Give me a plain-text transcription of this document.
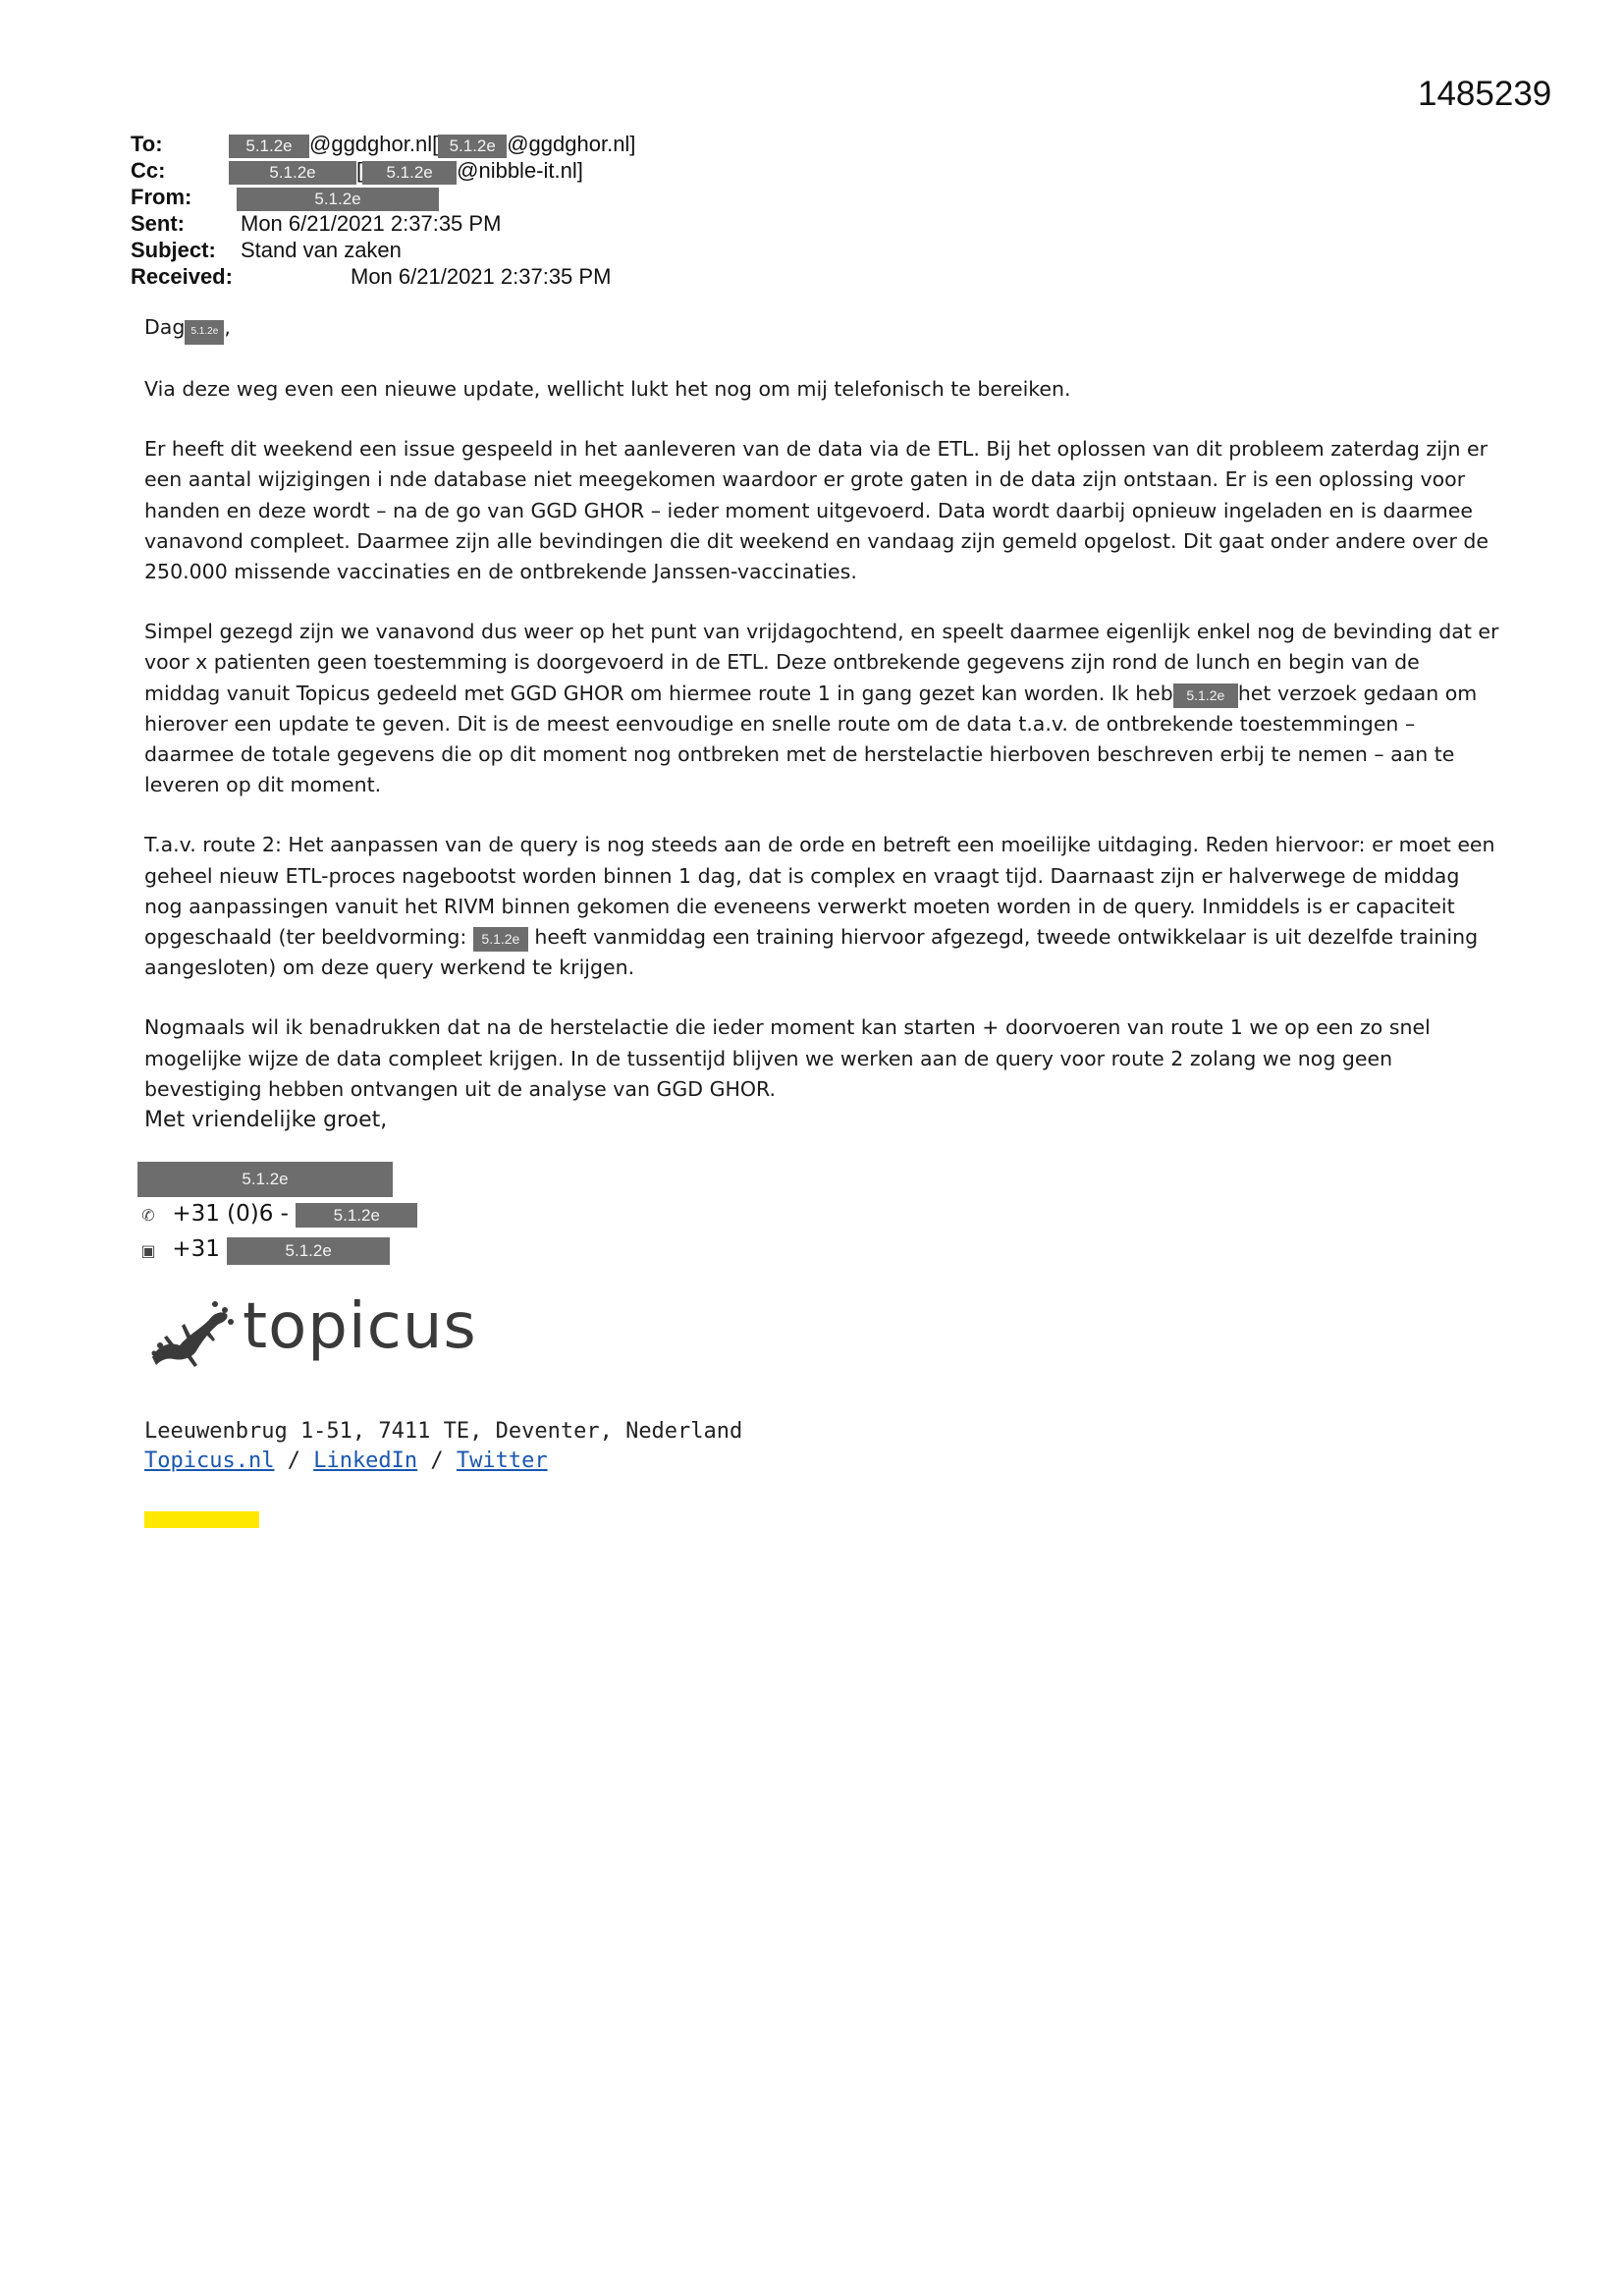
1485239
To:	5.1.2e @ggdghor.nl[ 5.1.2e @ggdghor.nl]
Cc:	5.1.2e [ 5.1.2e @nibble-it.nl]
From:	5.1.2e
Sent:	Mon 6/21/2021 2:37:35 PM
Subject: Stand van zaken
Received:	Mon 6/21/2021 2:37:35 PM

Dag 5.1.2e ,

Via deze weg even een nieuwe update, wellicht lukt het nog om mij telefonisch te bereiken.

Er heeft dit weekend een issue gespeeld in het aanleveren van de data via de ETL. Bij het oplossen van dit probleem zaterdag zijn er een aantal wijzigingen i nde database niet meegekomen waardoor er grote gaten in de data zijn ontstaan. Er is een oplossing voor handen en deze wordt – na de go van GGD GHOR – ieder moment uitgevoerd. Data wordt daarbij opnieuw ingeladen en is daarmee vanavond compleet. Daarmee zijn alle bevindingen die dit weekend en vandaag zijn gemeld opgelost. Dit gaat onder andere over de 250.000 missende vaccinaties en de ontbrekende Janssen-vaccinaties.

Simpel gezegd zijn we vanavond dus weer op het punt van vrijdagochtend, en speelt daarmee eigenlijk enkel nog de bevinding dat er voor x patienten geen toestemming is doorgevoerd in de ETL. Deze ontbrekende gegevens zijn rond de lunch en begin van de middag vanuit Topicus gedeeld met GGD GHOR om hiermee route 1 in gang gezet kan worden. Ik heb 5.1.2e het verzoek gedaan om hierover een update te geven. Dit is de meest eenvoudige en snelle route om de data t.a.v. de ontbrekende toestemmingen – daarmee de totale gegevens die op dit moment nog ontbreken met de herstelactie hierboven beschreven erbij te nemen – aan te leveren op dit moment.

T.a.v. route 2: Het aanpassen van de query is nog steeds aan de orde en betreft een moeilijke uitdaging. Reden hiervoor: er moet een geheel nieuw ETL-proces nagebootst worden binnen 1 dag, dat is complex en vraagt tijd. Daarnaast zijn er halverwege de middag nog aanpassingen vanuit het RIVM binnen gekomen die eveneens verwerkt moeten worden in de query. Inmiddels is er capaciteit opgeschaald (ter beeldvorming: 5.1.2e heeft vanmiddag een training hiervoor afgezegd, tweede ontwikkelaar is uit dezelfde training aangesloten) om deze query werkend te krijgen.

Nogmaals wil ik benadrukken dat na de herstelactie die ieder moment kan starten + doorvoeren van route 1 we op een zo snel mogelijke wijze de data compleet krijgen. In de tussentijd blijven we werken aan de query voor route 2 zolang we nog geen bevestiging hebben ontvangen uit de analyse van GGD GHOR.

Met vriendelijke groet,

5.1.2e
✆ +31 (0)6 -	5.1.2e
▣ +31	5.1.2e
topicus
Leeuwenbrug 1-51, 7411 TE, Deventer, Nederland
Topicus.nl / LinkedIn / Twitter
